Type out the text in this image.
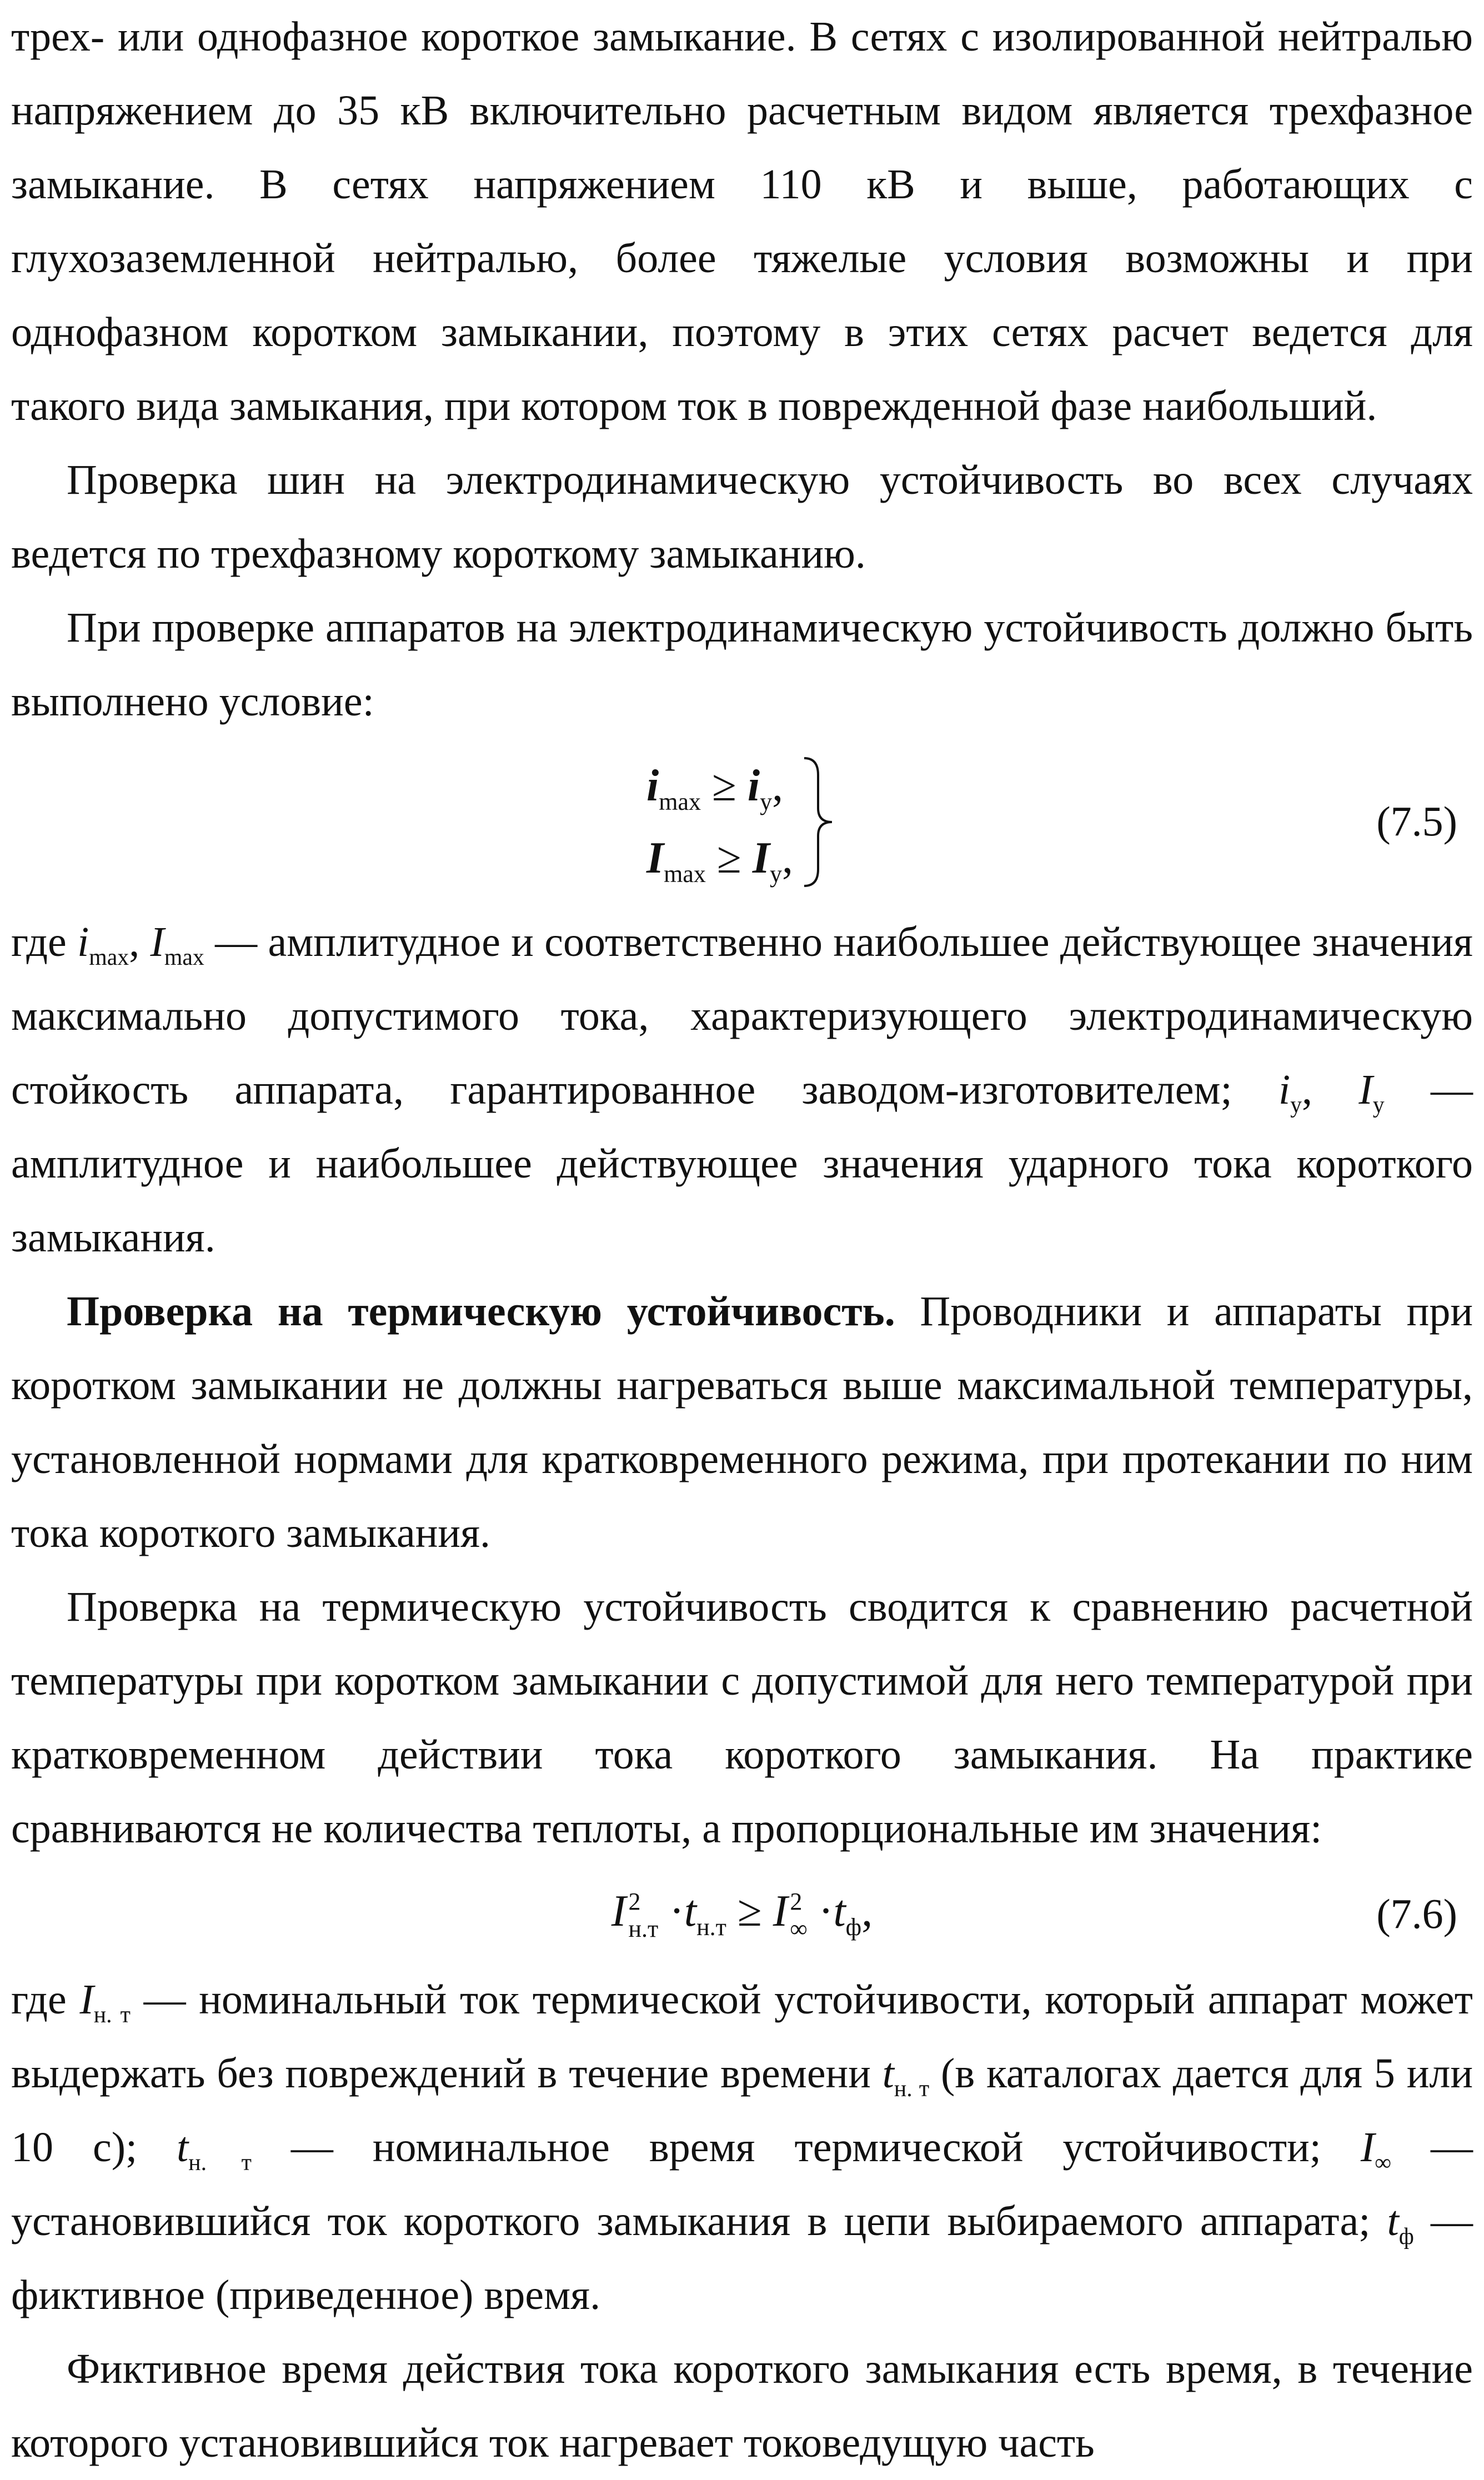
трех- или однофазное короткое замыкание. В сетях с изолированной нейтралью напряжением до 35 кВ включительно расчетным видом является трехфазное замыкание. В сетях напряжением 110 кВ и выше, работающих с глухозаземленной нейтралью, более тяжелые условия возможны и при однофазном коротком замыкании, поэтому в этих сетях расчет ведется для такого вида замыкания, при котором ток в поврежденной фазе наибольший.

Проверка шин на электродинамическую устойчивость во всех случаях ведется по трехфазному короткому замыканию.

При проверке аппаратов на электродинамическую устойчивость должно быть выполнено условие:

$i_{max} \ge i_у$,
$I_{max} \ge I_у$,
(7.5)

где $i_{max}$, $I_{max}$ — амплитудное и соответственно наибольшее действующее значения максимально допустимого тока, характеризующего электродинамическую стойкость аппарата, гарантированное заводом-изготовителем; $i_у$, $I_у$ — амплитудное и наибольшее действующее значения ударного тока короткого замыкания.

Проверка на термическую устойчивость. Проводники и аппараты при коротком замыкании не должны нагреваться выше максимальной температуры, установленной нормами для кратковременного режима, при протекании по ним тока короткого замыкания.

Проверка на термическую устойчивость сводится к сравнению расчетной температуры при коротком замыкании с допустимой для него температурой при кратковременном действии тока короткого замыкания. На практике сравниваются не количества теплоты, а пропорциональные им значения:

I 2
$н.т \cdot t_{н.т} \ge I$ 2
∞ $\cdot t_ф$,	(7.6)

где $I_{н. т}$ — номинальный ток термической устойчивости, который аппарат может выдержать без повреждений в течение времени $t_{н. т}$ (в каталогах дается для 5 или 10 с); $t_{н. т}$ — номинальное время термической устойчивости; $I_\infty$ — установившийся ток короткого замыкания в цепи выбираемого аппарата; $t_ф$ — фиктивное (приведенное) время.

Фиктивное время действия тока короткого замыкания есть время, в течение которого установившийся ток нагревает токоведущую часть
